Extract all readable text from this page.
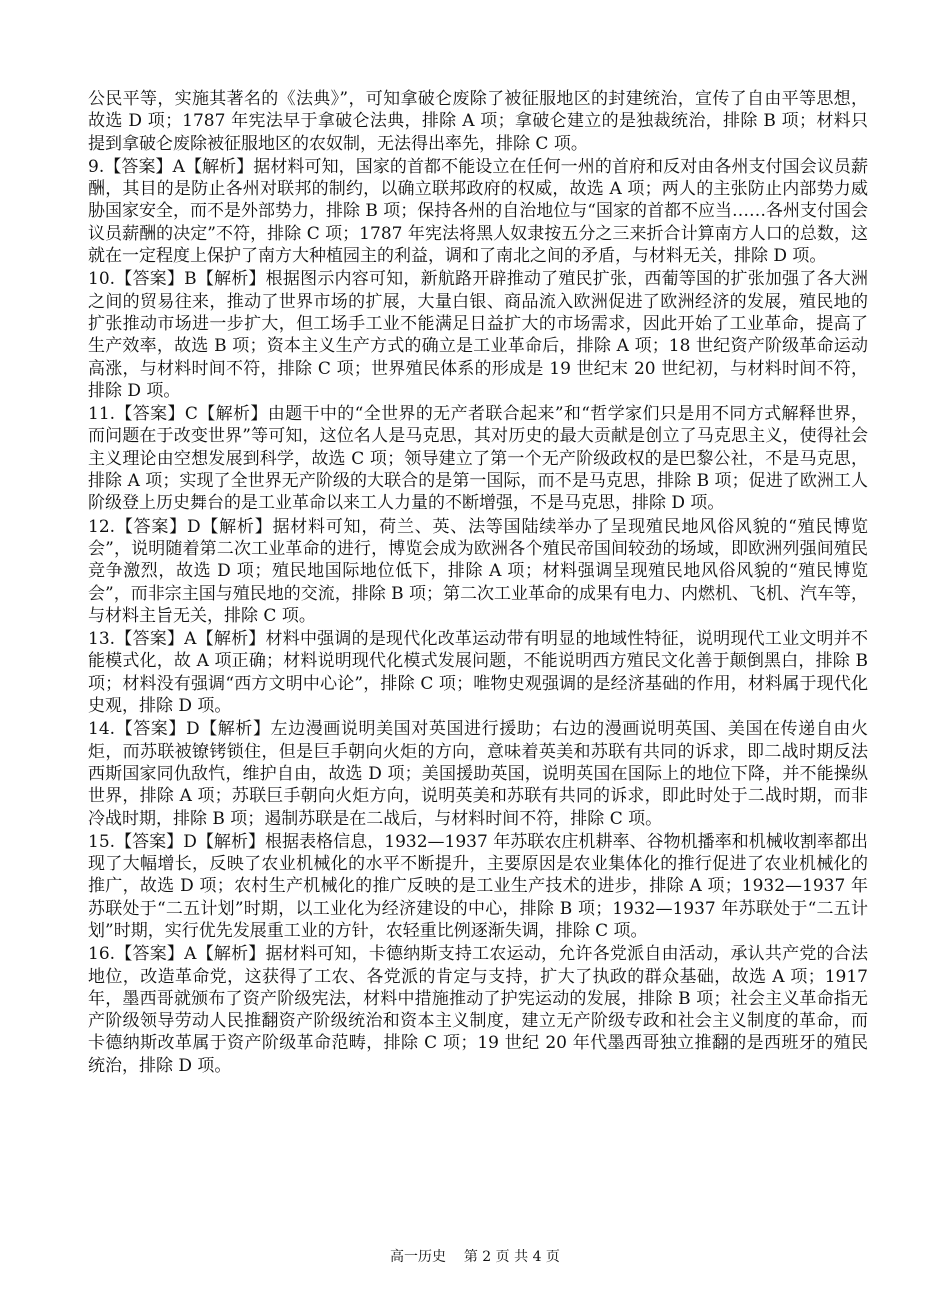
公民平等，实施其著名的《法典》”，可知拿破仑废除了被征服地区的封建统治，宣传了自由平等思想，故选 D 项；1787 年宪法早于拿破仑法典，排除 A 项；拿破仑建立的是独裁统治，排除 B 项；材料只提到拿破仑废除被征服地区的农奴制，无法得出率先，排除 C 项。

9.【答案】A【解析】据材料可知，国家的首都不能设立在任何一州的首府和反对由各州支付国会议员薪酬，其目的是防止各州对联邦的制约，以确立联邦政府的权威，故选 A 项；两人的主张防止内部势力威胁国家安全，而不是外部势力，排除 B 项；保持各州的自治地位与“国家的首都不应当……各州支付国会议员薪酬的决定”不符，排除 C 项；1787 年宪法将黑人奴隶按五分之三来折合计算南方人口的总数，这就在一定程度上保护了南方大种植园主的利益，调和了南北之间的矛盾，与材料无关，排除 D 项。

10.【答案】B【解析】根据图示内容可知，新航路开辟推动了殖民扩张，西葡等国的扩张加强了各大洲之间的贸易往来，推动了世界市场的扩展，大量白银、商品流入欧洲促进了欧洲经济的发展，殖民地的扩张推动市场进一步扩大，但工场手工业不能满足日益扩大的市场需求，因此开始了工业革命，提高了生产效率，故选 B 项；资本主义生产方式的确立是工业革命后，排除 A 项；18 世纪资产阶级革命运动高涨，与材料时间不符，排除 C 项；世界殖民体系的形成是 19 世纪末 20 世纪初，与材料时间不符，排除 D 项。

11.【答案】C【解析】由题干中的“全世界的无产者联合起来”和“哲学家们只是用不同方式解释世界，而问题在于改变世界”等可知，这位名人是马克思，其对历史的最大贡献是创立了马克思主义，使得社会主义理论由空想发展到科学，故选 C 项；领导建立了第一个无产阶级政权的是巴黎公社，不是马克思，排除 A 项；实现了全世界无产阶级的大联合的是第一国际，而不是马克思，排除 B 项；促进了欧洲工人阶级登上历史舞台的是工业革命以来工人力量的不断增强，不是马克思，排除 D 项。

12.【答案】D【解析】据材料可知，荷兰、英、法等国陆续举办了呈现殖民地风俗风貌的“殖民博览会”，说明随着第二次工业革命的进行，博览会成为欧洲各个殖民帝国间较劲的场域，即欧洲列强间殖民竞争激烈，故选 D 项；殖民地国际地位低下，排除 A 项；材料强调呈现殖民地风俗风貌的“殖民博览会”，而非宗主国与殖民地的交流，排除 B 项；第二次工业革命的成果有电力、内燃机、飞机、汽车等，与材料主旨无关，排除 C 项。

13.【答案】A【解析】材料中强调的是现代化改革运动带有明显的地域性特征，说明现代工业文明并不能模式化，故 A 项正确；材料说明现代化模式发展问题，不能说明西方殖民文化善于颠倒黑白，排除 B 项；材料没有强调“西方文明中心论”，排除 C 项；唯物史观强调的是经济基础的作用，材料属于现代化史观，排除 D 项。

14.【答案】D【解析】左边漫画说明美国对英国进行援助；右边的漫画说明英国、美国在传递自由火炬，而苏联被镣铐锁住，但是巨手朝向火炬的方向，意味着英美和苏联有共同的诉求，即二战时期反法西斯国家同仇敌忾，维护自由，故选 D 项；美国援助英国，说明英国在国际上的地位下降，并不能操纵世界，排除 A 项；苏联巨手朝向火炬方向，说明英美和苏联有共同的诉求，即此时处于二战时期，而非冷战时期，排除 B 项；遏制苏联是在二战后，与材料时间不符，排除 C 项。

15.【答案】D【解析】根据表格信息，1932—1937 年苏联农庄机耕率、谷物机播率和机械收割率都出现了大幅增长，反映了农业机械化的水平不断提升，主要原因是农业集体化的推行促进了农业机械化的推广，故选 D 项；农村生产机械化的推广反映的是工业生产技术的进步，排除 A 项；1932—1937 年苏联处于“二五计划”时期，以工业化为经济建设的中心，排除 B 项；1932—1937 年苏联处于“二五计划”时期，实行优先发展重工业的方针，农轻重比例逐渐失调，排除 C 项。

16.【答案】A【解析】据材料可知，卡德纳斯支持工农运动，允许各党派自由活动，承认共产党的合法地位，改造革命党，这获得了工农、各党派的肯定与支持，扩大了执政的群众基础，故选 A 项；1917 年，墨西哥就颁布了资产阶级宪法，材料中措施推动了护宪运动的发展，排除 B 项；社会主义革命指无产阶级领导劳动人民推翻资产阶级统治和资本主义制度，建立无产阶级专政和社会主义制度的革命，而卡德纳斯改革属于资产阶级革命范畴，排除 C 项；19 世纪 20 年代墨西哥独立推翻的是西班牙的殖民统治，排除 D 项。

高一历史 第 2 页 共 4 页
